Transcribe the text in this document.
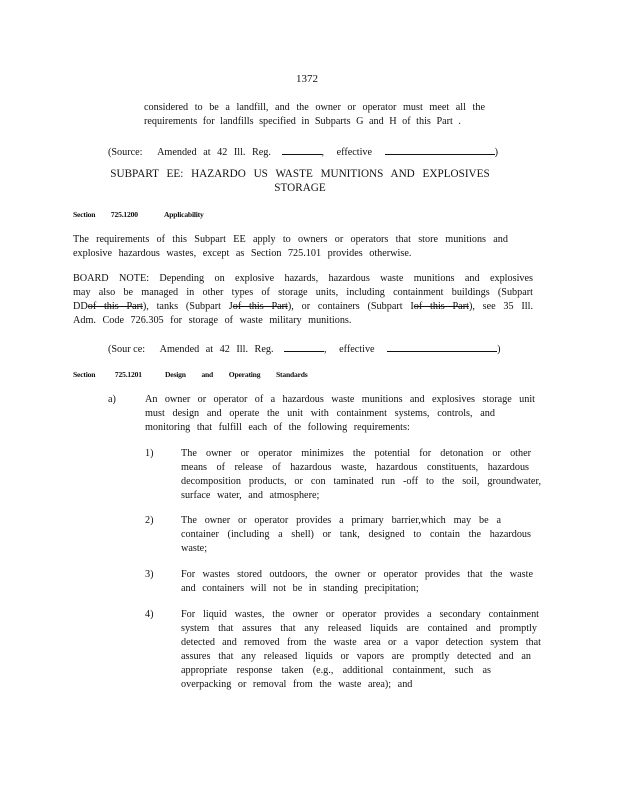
1372
considered to be a landfill, and the owner or operator must meet all the
requirements for landfills specified in Subparts G and H of this Part .
(Source: Amended at 42 Ill. Reg.	, effective	)
SUBPART EE: HAZARDO US WASTE MUNITIONS AND EXPLOSIVES
STORAGE
Section 725.1200	Applicability
The requirements of this Subpart EE apply to owners or operators that store munitions and
explosive hazardous wastes, except as Section 725.101 provides otherwise.
BOARD NOTE: Depending on explosive hazards, hazardous waste munitions and explosives
may also be managed in other types of storage units, including containment buildings (Subpart
DDof this Part), tanks (Subpart Jof this Part), or containers (Subpart Iof this Part), see 35 Ill.
Adm. Code 726.305 for storage of waste military munitions.
(Sour ce: Amended at 42 Ill. Reg.	, effective	)
Section 725.1201	Design and Operating Standards
a)	An owner or operator of a hazardous waste munitions and explosives storage unit
must design and operate the unit with containment systems, controls, and
monitoring that fulfill each of the following requirements:
1)	The owner or operator minimizes the potential for detonation or other
means of release of hazardous waste, hazardous constituents, hazardous
decomposition products, or con taminated run -off to the soil, groundwater,
surface water, and atmosphere;
2)	The owner or operator provides a primary barrier,which may be a
container (including a shell) or tank, designed to contain the hazardous
waste;
3)	For wastes stored outdoors, the owner or operator provides that the waste
and containers will not be in standing precipitation;
4)	For liquid wastes, the owner or operator provides a secondary containment
system that assures that any released liquids are contained and promptly
detected and removed from the waste area or a vapor detection system that
assures that any released liquids or vapors are promptly detected and an
appropriate response taken (e.g., additional containment, such as
overpacking or removal from the waste area); and
